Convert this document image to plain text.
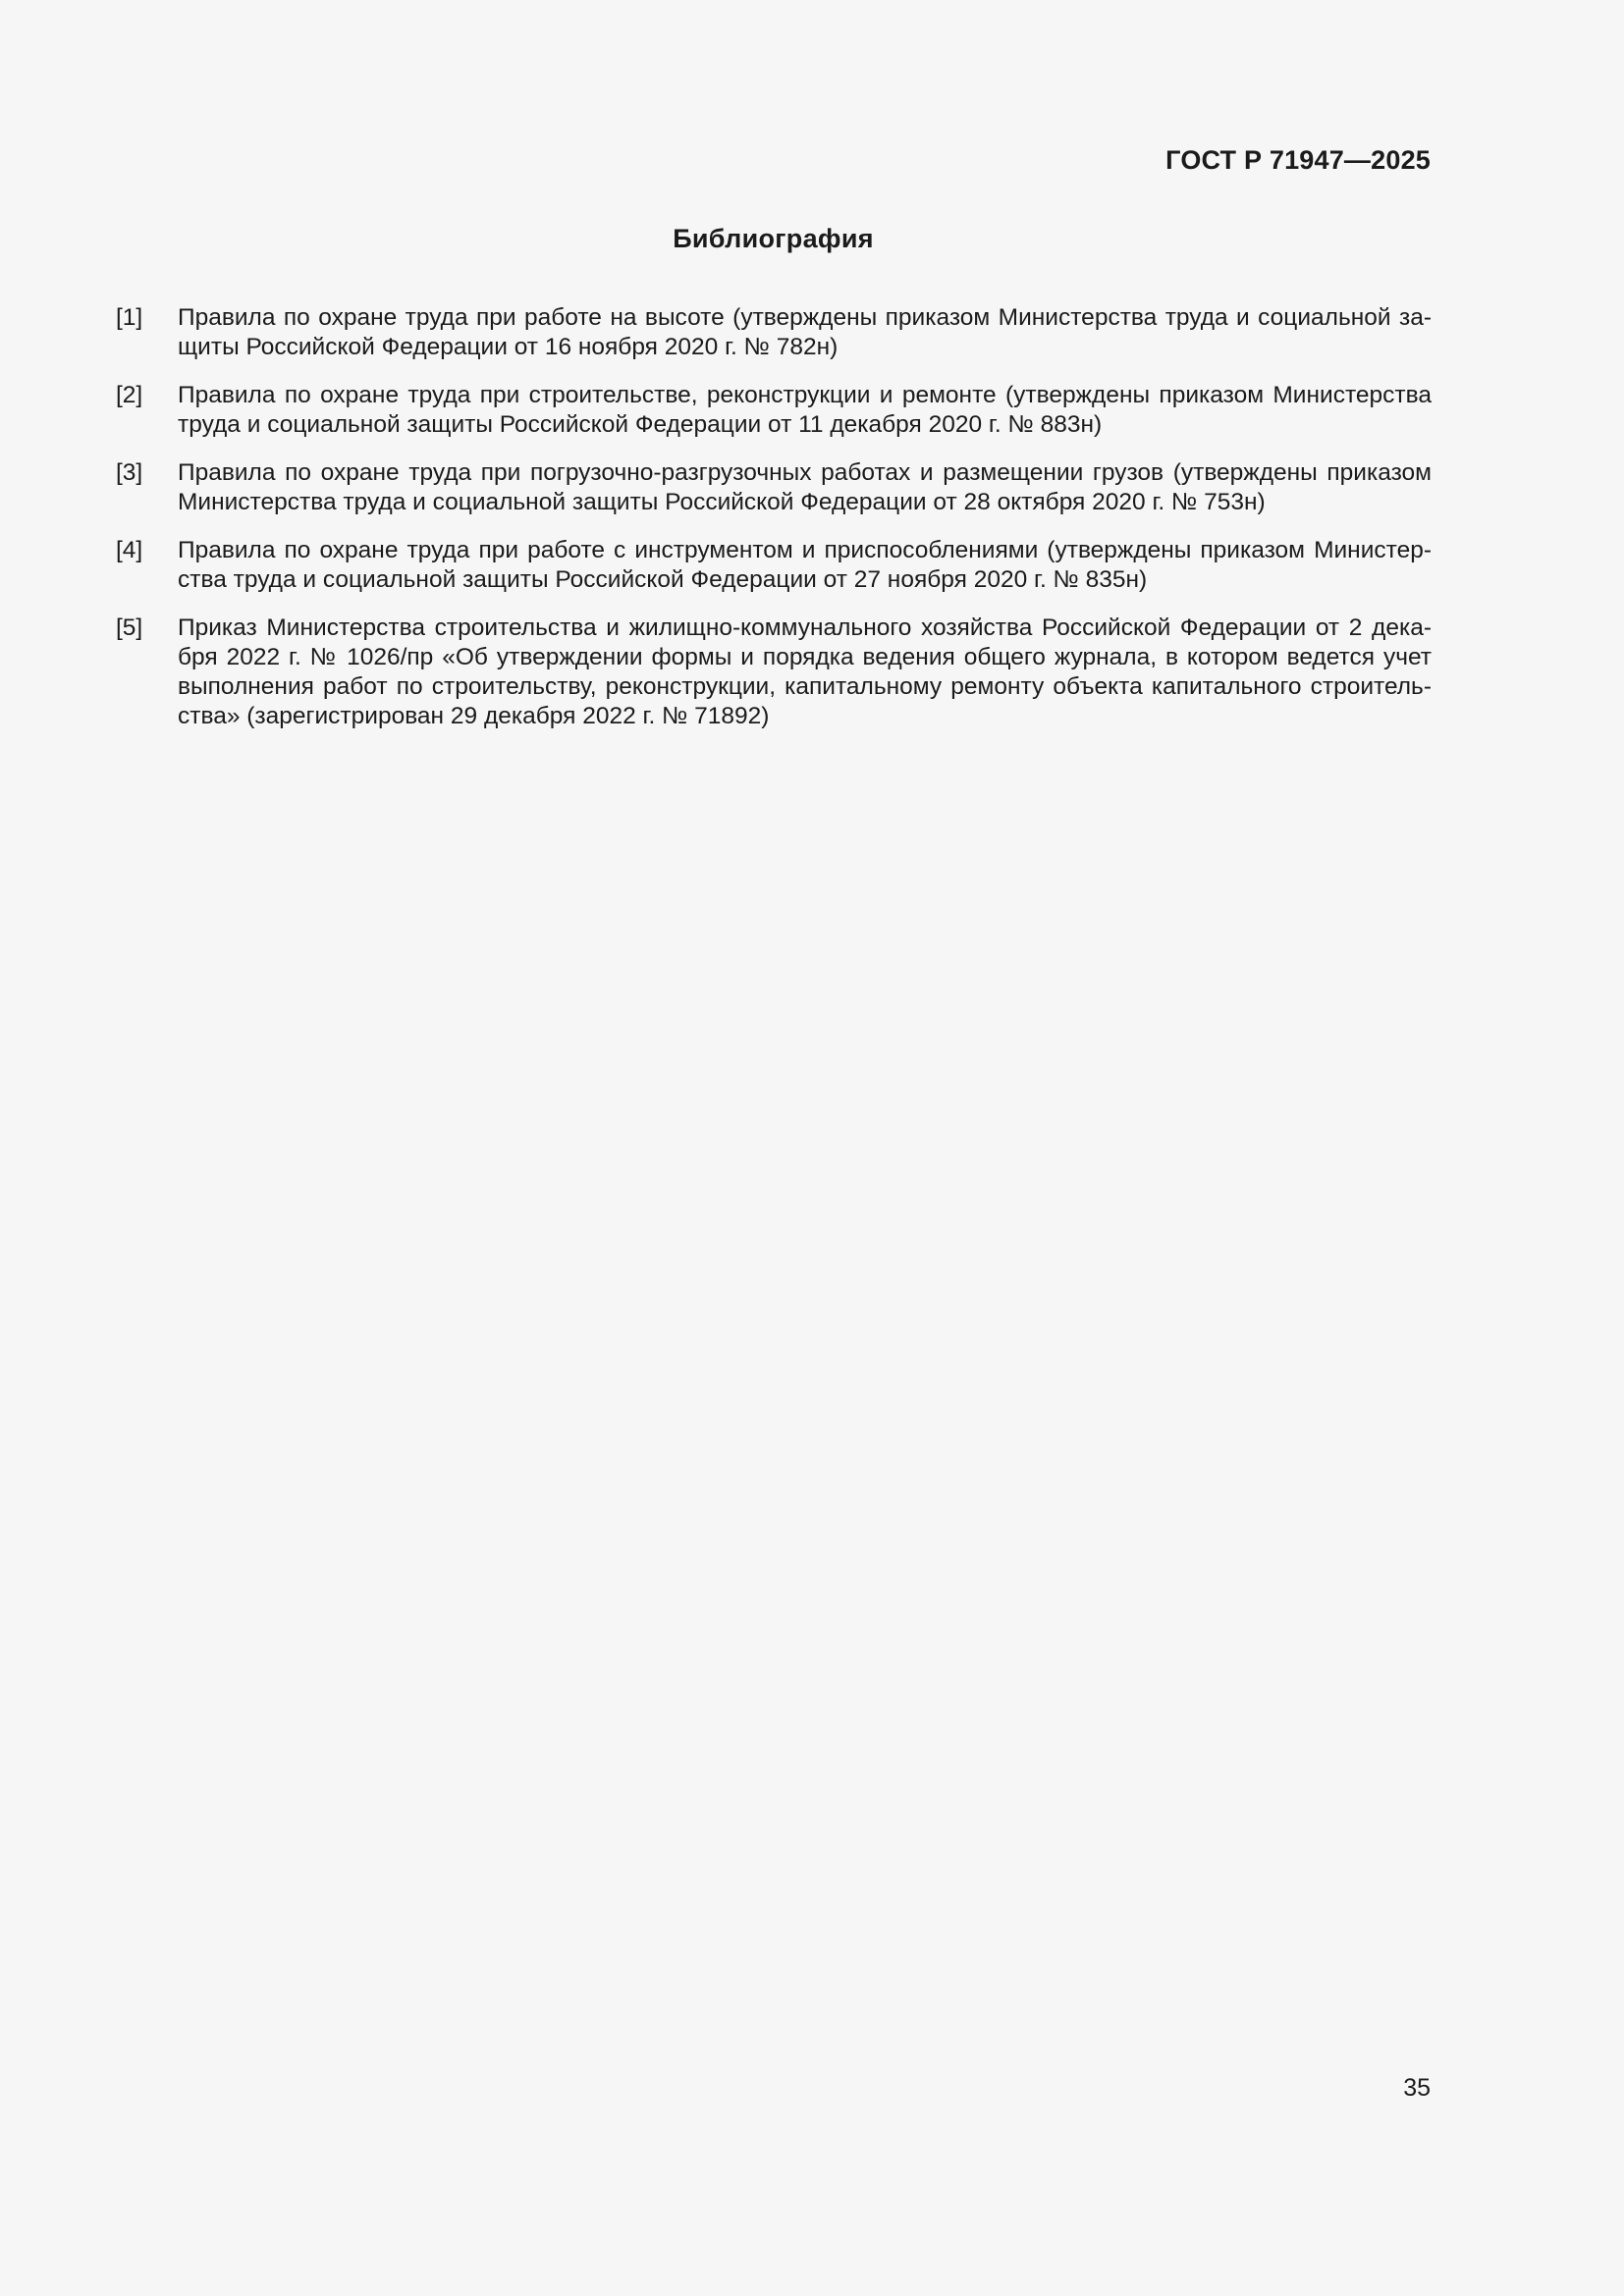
ГОСТ Р 71947—2025
Библиография
[1]	Правила по охране труда при работе на высоте (утверждены приказом Министерства труда и социальной защиты Российской Федерации от 16 ноября 2020 г. № 782н)
[2]	Правила по охране труда при строительстве, реконструкции и ремонте (утверждены приказом Министерства труда и социальной защиты Российской Федерации от 11 декабря 2020 г. № 883н)
[3]	Правила по охране труда при погрузочно-разгрузочных работах и размещении грузов (утверждены приказом Министерства труда и социальной защиты Российской Федерации от 28 октября 2020 г. № 753н)
[4]	Правила по охране труда при работе с инструментом и приспособлениями (утверждены приказом Министерства труда и социальной защиты Российской Федерации от 27 ноября 2020 г. № 835н)
[5]	Приказ Министерства строительства и жилищно-коммунального хозяйства Российской Федерации от 2 декабря 2022 г. № 1026/пр «Об утверждении формы и порядка ведения общего журнала, в котором ведется учет выполнения работ по строительству, реконструкции, капитальному ремонту объекта капитального строительства» (зарегистрирован 29 декабря 2022 г. № 71892)
35
